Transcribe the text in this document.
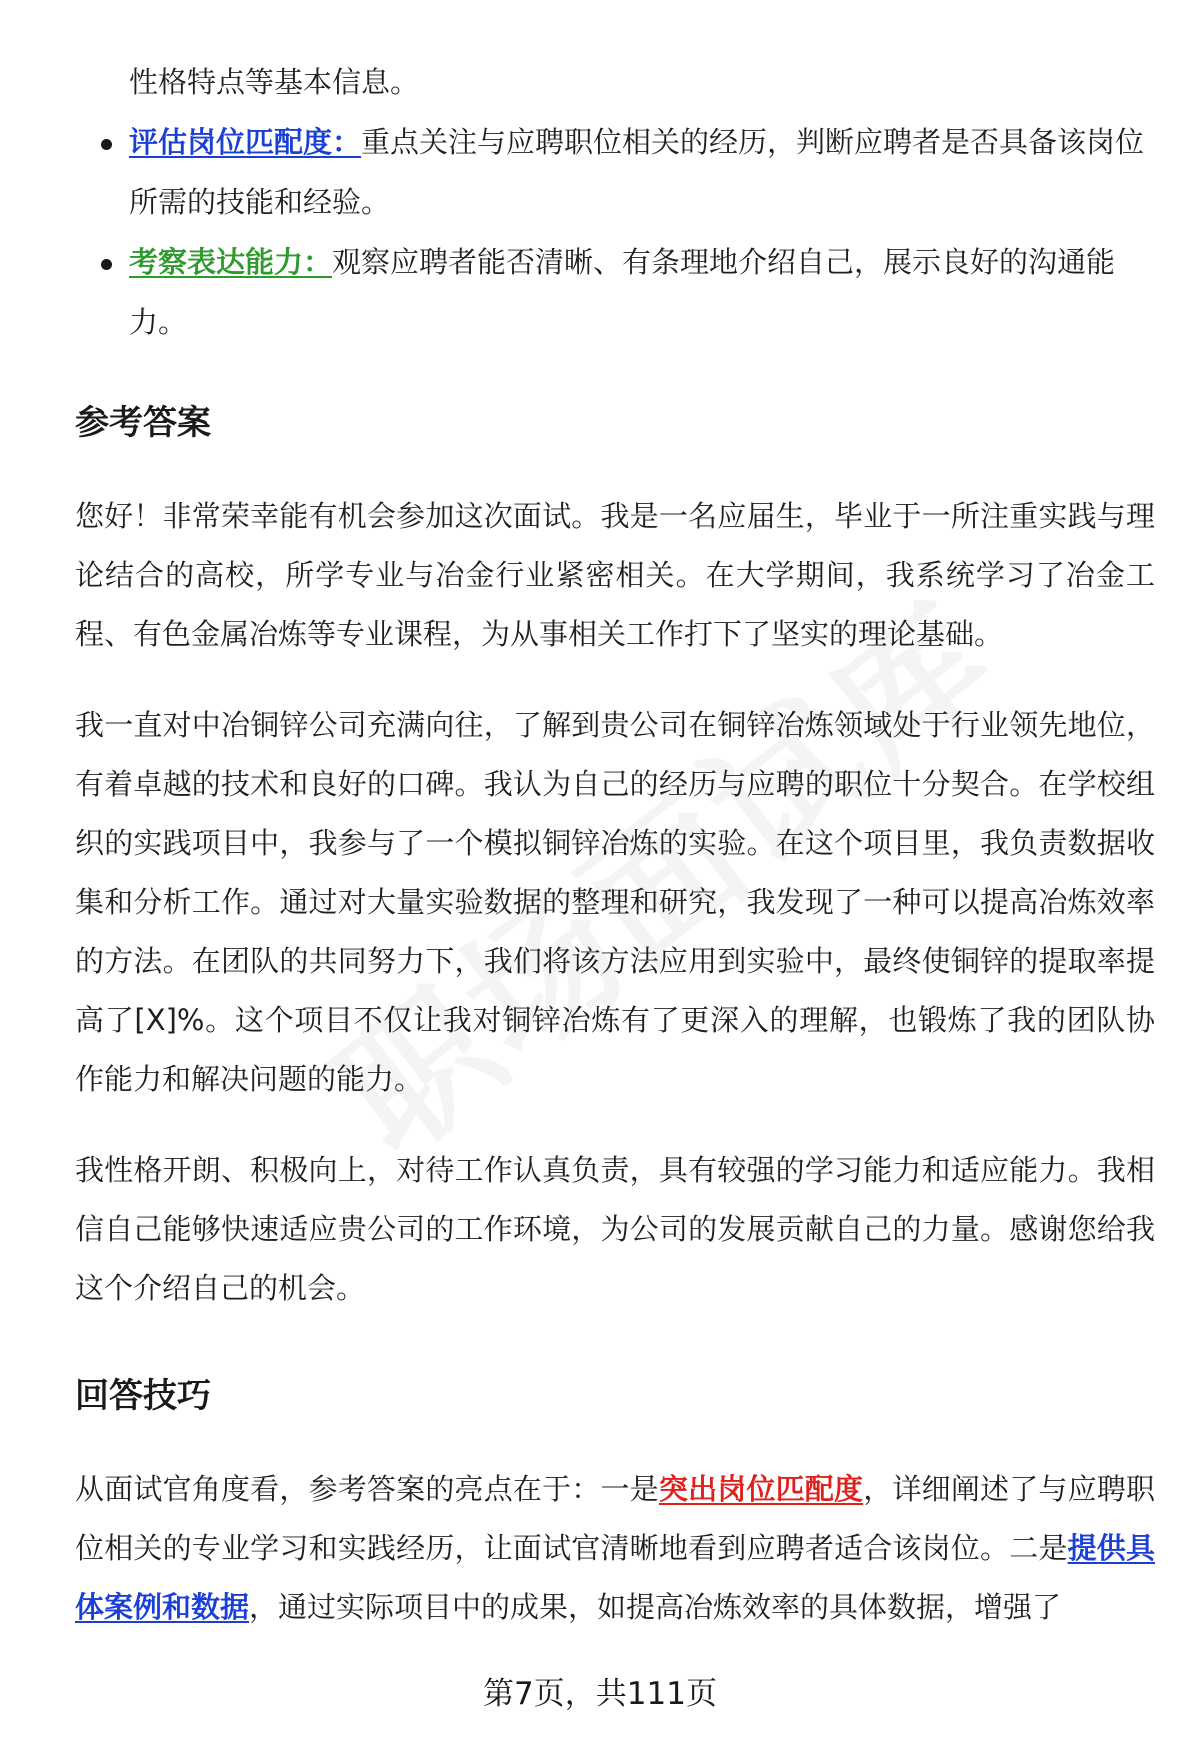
性格特点等基本信息。
评估岗位匹配度：重点关注与应聘职位相关的经历，判断应聘者是否具备该岗位所需的技能和经验。
考察表达能力：观察应聘者能否清晰、有条理地介绍自己，展示良好的沟通能力。
参考答案

您好！非常荣幸能有机会参加这次面试。我是一名应届生，毕业于一所注重实践与理论结合的高校，所学专业与冶金行业紧密相关。在大学期间，我系统学习了冶金工程、有色金属冶炼等专业课程，为从事相关工作打下了坚实的理论基础。

我一直对中冶铜锌公司充满向往，了解到贵公司在铜锌冶炼领域处于行业领先地位，有着卓越的技术和良好的口碑。我认为自己的经历与应聘的职位十分契合。在学校组织的实践项目中，我参与了一个模拟铜锌冶炼的实验。在这个项目里，我负责数据收集和分析工作。通过对大量实验数据的整理和研究，我发现了一种可以提高冶炼效率的方法。在团队的共同努力下，我们将该方法应用到实验中，最终使铜锌的提取率提高了[X]%。这个项目不仅让我对铜锌冶炼有了更深入的理解，也锻炼了我的团队协作能力和解决问题的能力。

我性格开朗、积极向上，对待工作认真负责，具有较强的学习能力和适应能力。我相信自己能够快速适应贵公司的工作环境，为公司的发展贡献自己的力量。感谢您给我这个介绍自己的机会。

回答技巧

从面试官角度看，参考答案的亮点在于：一是突出岗位匹配度，详细阐述了与应聘职位相关的专业学习和实践经历，让面试官清晰地看到应聘者适合该岗位。二是提供具体案例和数据，通过实际项目中的成果，如提高冶炼效率的具体数据，增强了

第7页，共111页
